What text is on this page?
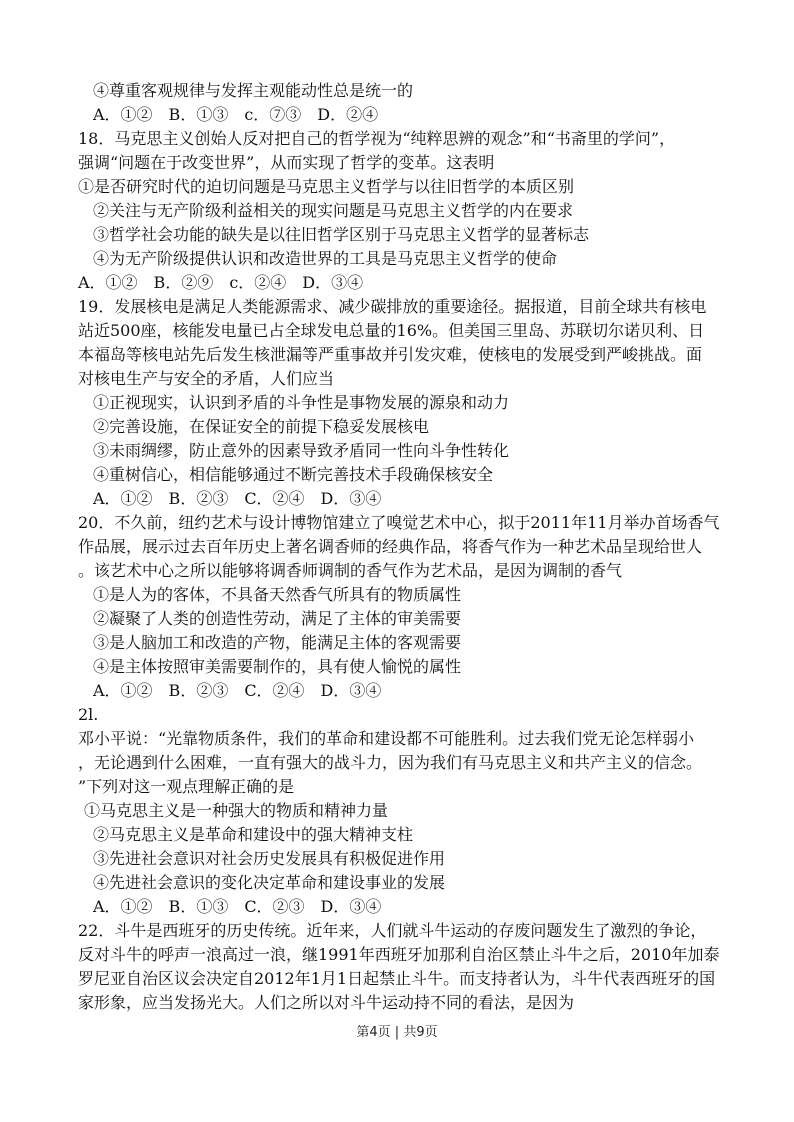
④尊重客观规律与发挥主观能动性总是统一的
A．①②　B．①③　c．⑦③　D．②④
18．马克思主义创始人反对把自己的哲学视为“纯粹思辨的观念”和“书斋里的学问”，
强调“问题在于改变世界”，从而实现了哲学的变革。这表明
①是否研究时代的迫切问题是马克思主义哲学与以往旧哲学的本质区别
②关注与无产阶级利益相关的现实问题是马克思主义哲学的内在要求
③哲学社会功能的缺失是以往旧哲学区别于马克思主义哲学的显著标志
④为无产阶级提供认识和改造世界的工具是马克思主义哲学的使命
A．①②　B．②⑨　c．②④　D．③④
19．发展核电是满足人类能源需求、减少碳排放的重要途径。据报道，目前全球共有核电
站近500座，核能发电量已占全球发电总量的16%。但美国三里岛、苏联切尔诺贝利、日
本福岛等核电站先后发生核泄漏等严重事故并引发灾难，使核电的发展受到严峻挑战。面
对核电生产与安全的矛盾，人们应当
①正视现实，认识到矛盾的斗争性是事物发展的源泉和动力
②完善设施，在保证安全的前提下稳妥发展核电
③未雨绸缪，防止意外的因素导致矛盾同一性向斗争性转化
④重树信心，相信能够通过不断完善技术手段确保核安全
A．①②　B．②③　C．②④　D．③④
20．不久前，纽约艺术与设计博物馆建立了嗅觉艺术中心，拟于2011年11月举办首场香气
作品展，展示过去百年历史上著名调香师的经典作品，将香气作为一种艺术品呈现给世人
。该艺术中心之所以能够将调香师调制的香气作为艺术品，是因为调制的香气
①是人为的客体，不具备天然香气所具有的物质属性
②凝聚了人类的创造性劳动，满足了主体的审美需要
③是人脑加工和改造的产物，能满足主体的客观需要
④是主体按照审美需要制作的，具有使人愉悦的属性
A．①②　B．②③　C．②④　D．③④
2l.
邓小平说：“光靠物质条件，我们的革命和建设都不可能胜利。过去我们党无论怎样弱小
，无论遇到什么困难，一直有强大的战斗力，因为我们有马克思主义和共产主义的信念。
”下列对这一观点理解正确的是
①马克思主义是一种强大的物质和精神力量
②马克思主义是革命和建设中的强大精神支柱
③先进社会意识对社会历史发展具有积极促进作用
④先进社会意识的变化决定革命和建设事业的发展
A．①②　B．①③　C．②③　D．③④
22．斗牛是西班牙的历史传统。近年来，人们就斗牛运动的存废问题发生了激烈的争论，
反对斗牛的呼声一浪高过一浪，继1991年西班牙加那利自治区禁止斗牛之后，2010年加泰
罗尼亚自治区议会决定自2012年1月1日起禁止斗牛。而支持者认为，斗牛代表西班牙的国
家形象，应当发扬光大。人们之所以对斗牛运动持不同的看法，是因为
第4页 | 共9页
